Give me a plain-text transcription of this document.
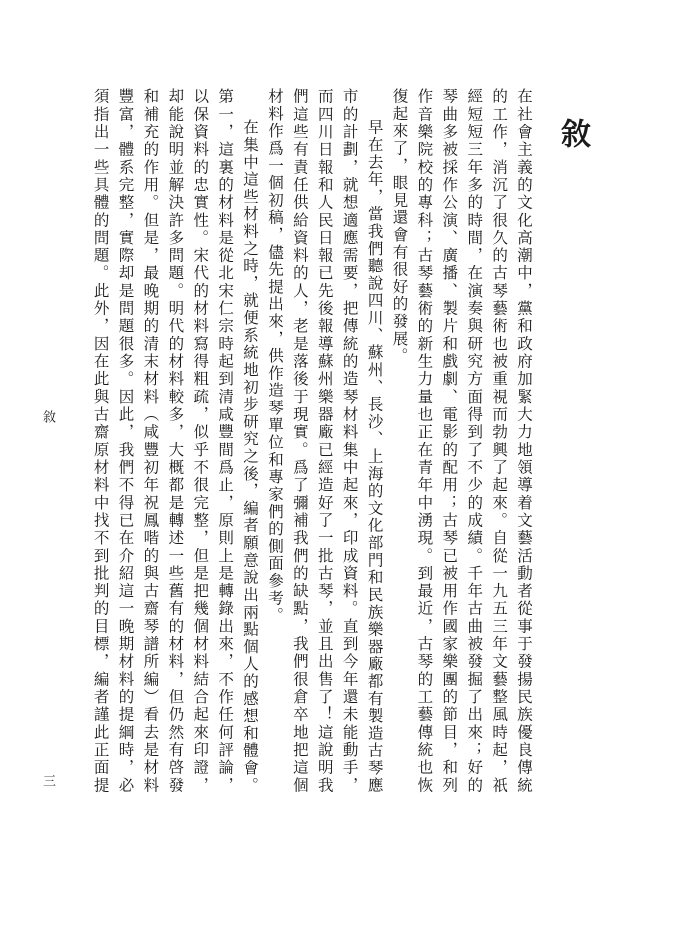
敘

在社會主義的文化高潮中，黨和政府加緊大力地領導着文藝活動者從事于發揚民族優良傳統的工作，消沉了很久的古琴藝術也被重視而勃興了起來。自從一九五三年文藝整風時起，祇經短短三年多的時間，在演奏與研究方面得到了不少的成績。千年古曲被發掘了出來；好的琴曲多被採作公演、廣播、製片和戲劇、電影的配用；古琴已被用作國家樂團的節目，和列作音樂院校的專科；古琴藝術的新生力量也正在青年中湧現。到最近，古琴的工藝傳統也恢復起來了，眼見還會有很好的發展。

早在去年，當我們聽說四川、蘇州、長沙、上海的文化部門和民族樂器廠都有製造古琴應市的計劃，就想適應需要，把傳統的造琴材料集中起來，印成資料。直到今年還未能動手，而四川日報和人民日報已先後報導蘇州樂器廠已經造好了一批古琴，並且出售了！這說明我們這些有責任供給資料的人，老是落後于現實。爲了彌補我們的缺點，我們很倉卒地把這個材料作爲一個初稿，儘先提出來，供作造琴單位和專家們的側面參考。

在集中這些材料之時，就便系統地初步研究之後，編者願意說出兩點個人的感想和體會。第一，這裏的材料是從北宋仁宗時起到清咸豐間爲止，原則上是轉錄出來，不作任何評論，以保資料的忠實性。宋代的材料寫得粗疏，似乎不很完整，但是把幾個材料結合起來印證，却能說明並解決許多問題。明代的材料較多，大概都是轉述一些舊有的材料，但仍然有啓發和補充的作用。但是，最晚期的清末材料（咸豐初年祝鳳喈的與古齋琴譜所編）看去是材料豐富，體系完整，實際却是問題很多。因此，我們不得已在介紹這一晚期材料的提綱時，必須指出一些具體的問題。此外，因在此與古齋原材料中找不到批判的目標，編者謹此正面提

敘
三
